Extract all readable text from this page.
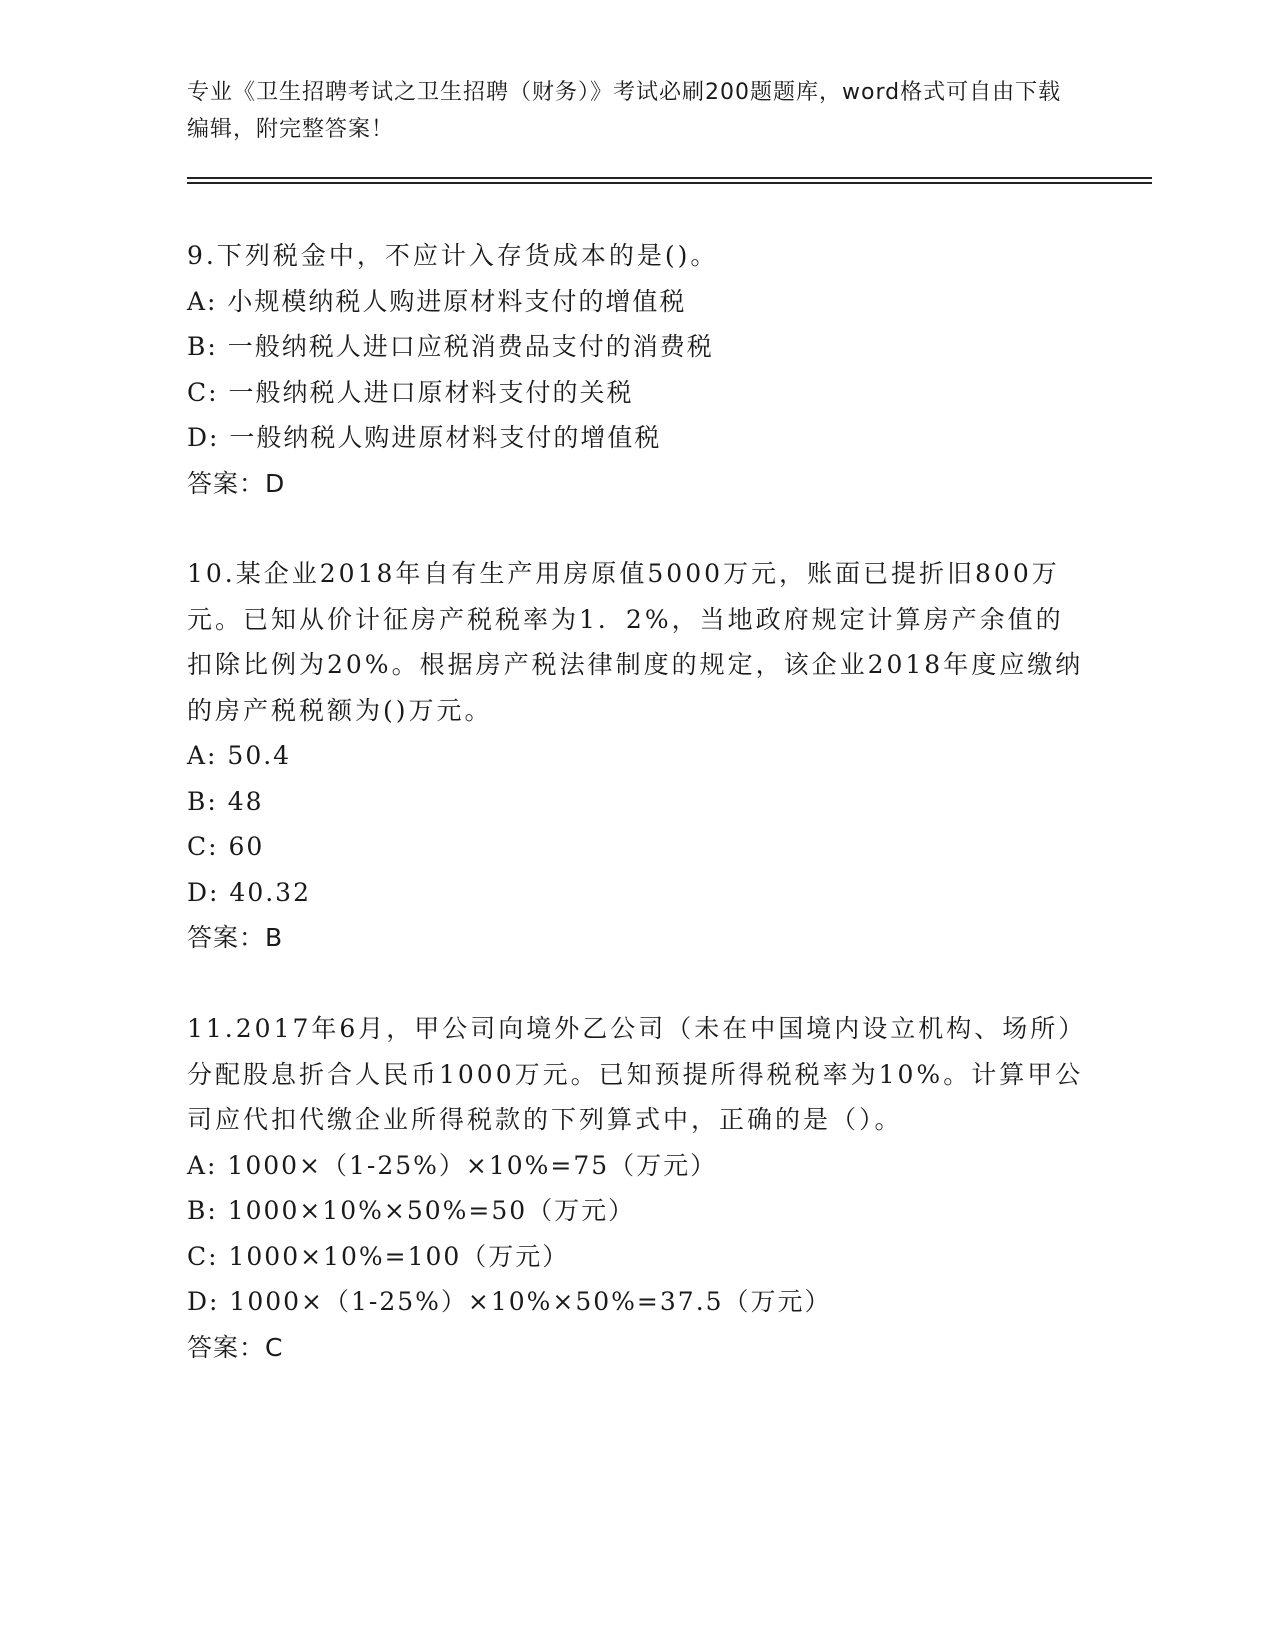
专业《卫生招聘考试之卫生招聘（财务）》考试必刷200题题库，word格式可自由下载编辑，附完整答案！

9.下列税金中，不应计入存货成本的是()。

A: 小规模纳税人购进原材料支付的增值税

B: 一般纳税人进口应税消费品支付的消费税

C: 一般纳税人进口原材料支付的关税

D: 一般纳税人购进原材料支付的增值税

答案：D

10.某企业2018年自有生产用房原值5000万元，账面已提折旧800万元。已知从价计征房产税税率为1．2%，当地政府规定计算房产余值的扣除比例为20%。根据房产税法律制度的规定，该企业2018年度应缴纳的房产税税额为()万元。

A: 50.4

B: 48

C: 60

D: 40.32

答案：B

11.2017年6月，甲公司向境外乙公司（未在中国境内设立机构、场所）分配股息折合人民币1000万元。已知预提所得税税率为10%。计算甲公司应代扣代缴企业所得税款的下列算式中，正确的是（）。

A: 1000×（1-25%）×10%=75（万元）

B: 1000×10%×50%=50（万元）

C: 1000×10%=100（万元）

D: 1000×（1-25%）×10%×50%=37.5（万元）

答案：C
